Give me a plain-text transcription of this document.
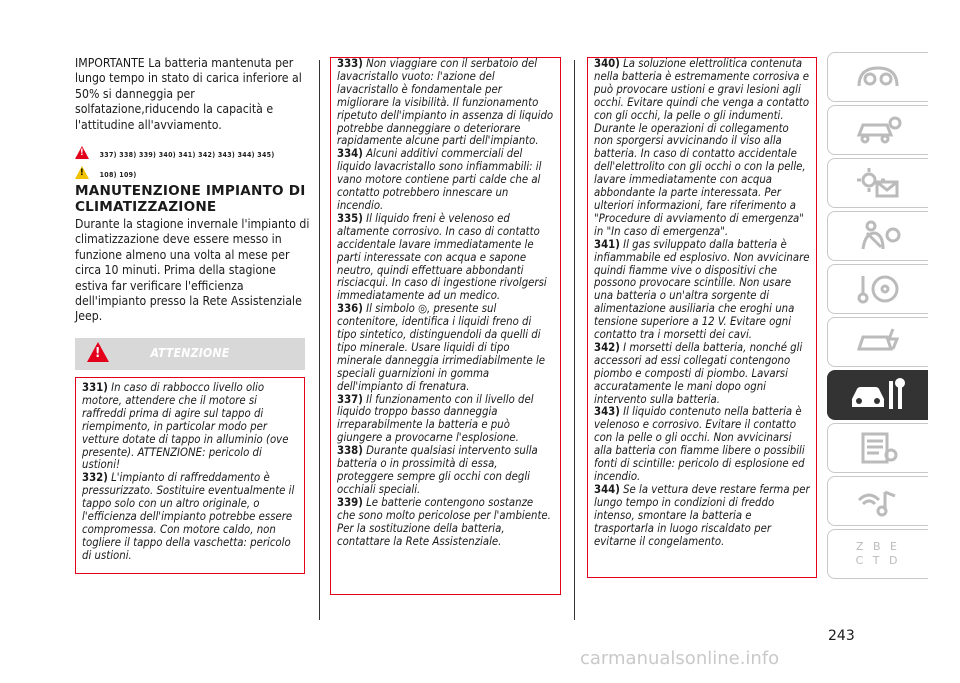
IMPORTANTE La batteria mantenuta per lungo tempo in stato di carica inferiore al 50% si danneggia per solfatazione,riducendo la capacità e l'attitudine all'avviamento.
! 337) 338) 339) 340) 341) 342) 343) 344) 345)
! 108) 109)
MANUTENZIONE IMPIANTO DI CLIMATIZZAZIONE
Durante la stagione invernale l'impianto di climatizzazione deve essere messo in funzione almeno una volta al mese per circa 10 minuti. Prima della stagione estiva far verificare l'efficienza dell'impianto presso la Rete Assistenziale Jeep.
!
ATTENZIONE
331) In caso di rabbocco livello olio motore, attendere che il motore si raffreddi prima di agire sul tappo di riempimento, in particolar modo per vetture dotate di tappo in alluminio (ove presente). ATTENZIONE: pericolo di ustioni!
332) L'impianto di raffreddamento è pressurizzato. Sostituire eventualmente il tappo solo con un altro originale, o l'efficienza dell'impianto potrebbe essere compromessa. Con motore caldo, non togliere il tappo della vaschetta: pericolo di ustioni.
333) Non viaggiare con il serbatoio del lavacristallo vuoto: l'azione del lavacristallo è fondamentale per migliorare la visibilità. Il funzionamento ripetuto dell'impianto in assenza di liquido potrebbe danneggiare o deteriorare rapidamente alcune parti dell'impianto.
334) Alcuni additivi commerciali del liquido lavacristallo sono infiammabili: il vano motore contiene parti calde che al contatto potrebbero innescare un incendio.
335) Il liquido freni è velenoso ed altamente corrosivo. In caso di contatto accidentale lavare immediatamente le parti interessate con acqua e sapone neutro, quindi effettuare abbondanti risciacqui. In caso di ingestione rivolgersi immediatamente ad un medico.
336) Il simbolo ◎, presente sul contenitore, identifica i liquidi freno di tipo sintetico, distinguendoli da quelli di tipo minerale. Usare liquidi di tipo minerale danneggia irrimediabilmente le speciali guarnizioni in gomma dell'impianto di frenatura.
337) Il funzionamento con il livello del liquido troppo basso danneggia irreparabilmente la batteria e può giungere a provocarne l'esplosione.
338) Durante qualsiasi intervento sulla batteria o in prossimità di essa, proteggere sempre gli occhi con degli occhiali speciali.
339) Le batterie contengono sostanze che sono molto pericolose per l'ambiente. Per la sostituzione della batteria, contattare la Rete Assistenziale.
340) La soluzione elettrolitica contenuta nella batteria è estremamente corrosiva e può provocare ustioni e gravi lesioni agli occhi. Evitare quindi che venga a contatto con gli occhi, la pelle o gli indumenti. Durante le operazioni di collegamento non sporgersi avvicinando il viso alla batteria. In caso di contatto accidentale dell'elettrolito con gli occhi o con la pelle, lavare immediatamente con acqua abbondante la parte interessata. Per ulteriori informazioni, fare riferimento a "Procedure di avviamento di emergenza" in "In caso di emergenza".
341) Il gas sviluppato dalla batteria è infiammabile ed esplosivo. Non avvicinare quindi fiamme vive o dispositivi che possono provocare scintille. Non usare una batteria o un'altra sorgente di alimentazione ausiliaria che eroghi una tensione superiore a 12 V. Evitare ogni contatto tra i morsetti dei cavi.
342) I morsetti della batteria, nonché gli accessori ad essi collegati contengono piombo e composti di piombo. Lavarsi accuratamente le mani dopo ogni intervento sulla batteria.
343) Il liquido contenuto nella batteria è velenoso e corrosivo. Evitare il contatto con la pelle o gli occhi. Non avvicinarsi alla batteria con fiamme libere o possibili fonti di scintille: pericolo di esplosione ed incendio.
344) Se la vettura deve restare ferma per lungo tempo in condizioni di freddo intenso, smontare la batteria e trasportarla in luogo riscaldato per evitarne il congelamento.	Z B E C T D
243
carmanualsonline.info
